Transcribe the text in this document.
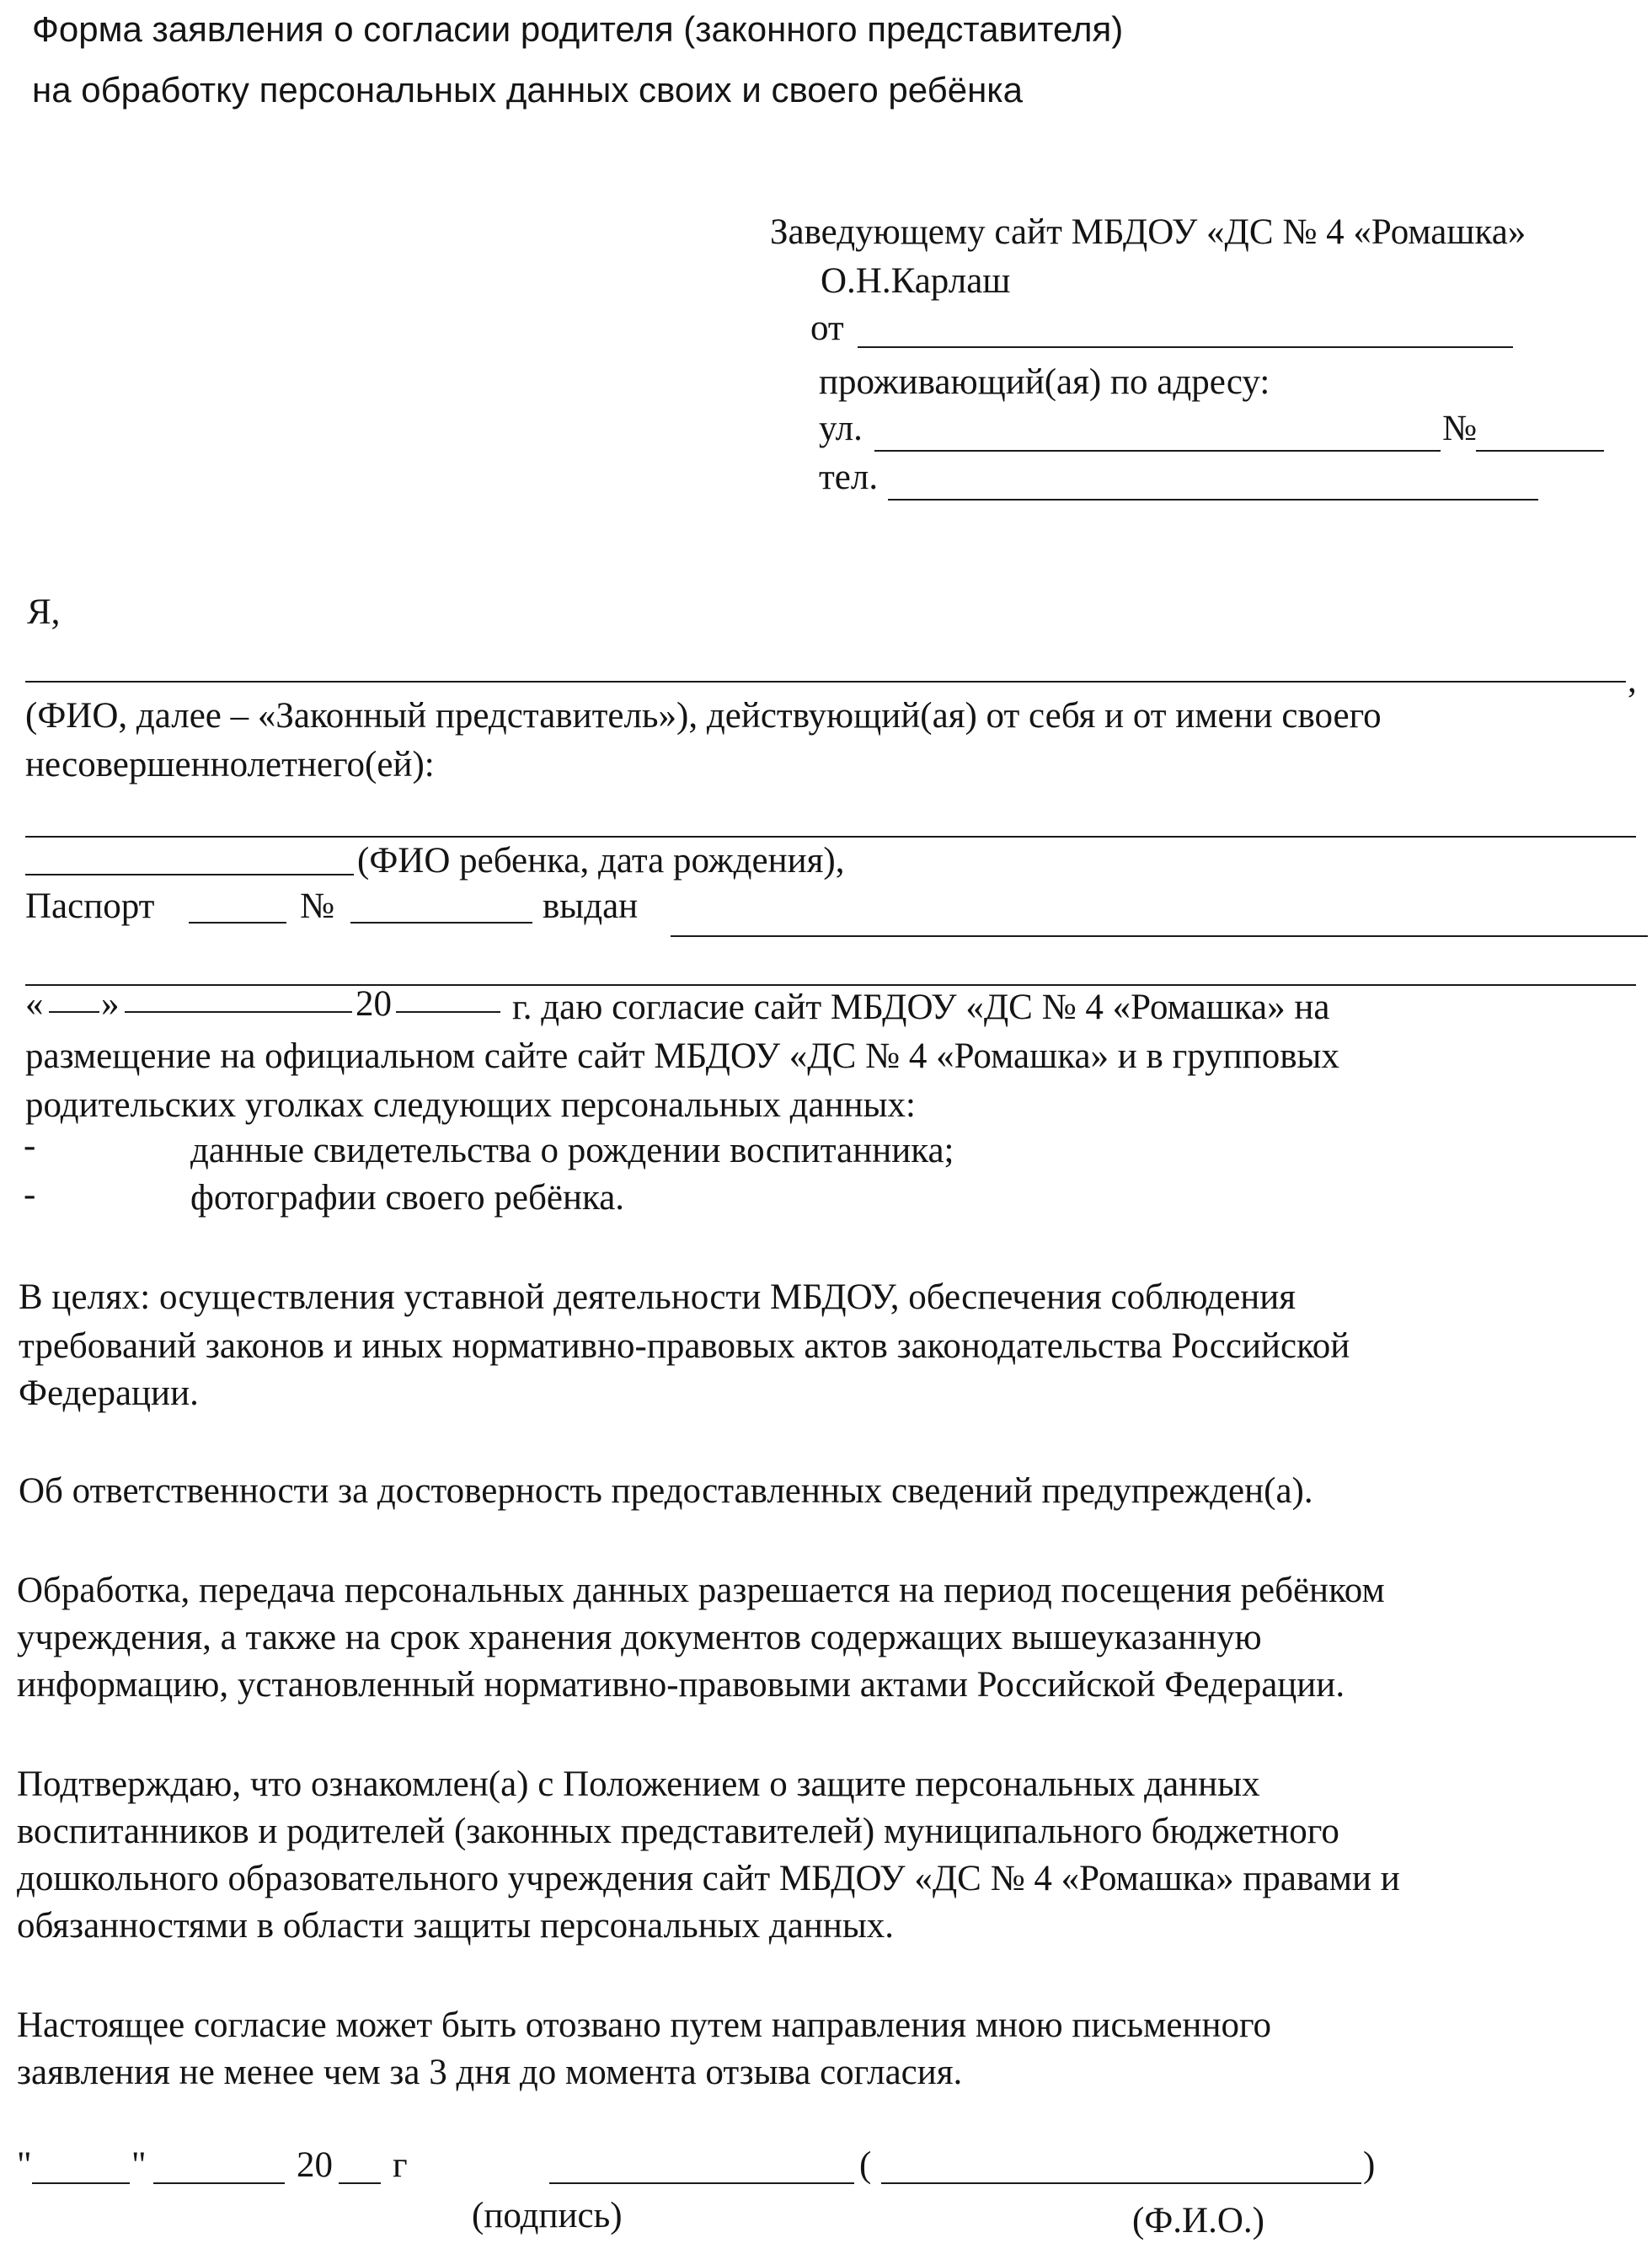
Форма заявления о согласии родителя (законного представителя)
на обработку персональных данных своих и своего ребёнка
Заведующему сайт МБДОУ «ДС № 4 «Ромашка»
О.Н.Карлаш
от
проживающий(ая) по адресу:
ул.	№
тел.
Я,
,
(ФИО, далее – «Законный представитель»), действующий(ая) от себя и от имени своего
несовершеннолетнего(ей):
(ФИО ребенка, дата рождения),
Паспорт	№	выдан
« »	20	г. даю согласие сайт МБДОУ «ДС № 4 «Ромашка» на
размещение на официальном сайте сайт МБДОУ «ДС № 4 «Ромашка» и в групповых
родительских уголках следующих персональных данных:
-	данные свидетельства о рождении воспитанника;
-	фотографии своего ребёнка.
В целях: осуществления уставной деятельности МБДОУ, обеспечения соблюдения
требований законов и иных нормативно-правовых актов законодательства Российской
Федерации.
Об ответственности за достоверность предоставленных сведений предупрежден(а).
Обработка, передача персональных данных разрешается на период посещения ребёнком
учреждения, а также на срок хранения документов содержащих вышеуказанную
информацию, установленный нормативно-правовыми актами Российской Федерации.
Подтверждаю, что ознакомлен(а) с Положением о защите персональных данных
воспитанников и родителей (законных представителей) муниципального бюджетного
дошкольного образовательного учреждения сайт МБДОУ «ДС № 4 «Ромашка» правами и
обязанностями в области защиты персональных данных.
Настоящее согласие может быть отозвано путем направления мною письменного
заявления не менее чем за 3 дня до момента отзыва согласия.
"	"	20 г	(	)
(подпись)	(Ф.И.О.)
